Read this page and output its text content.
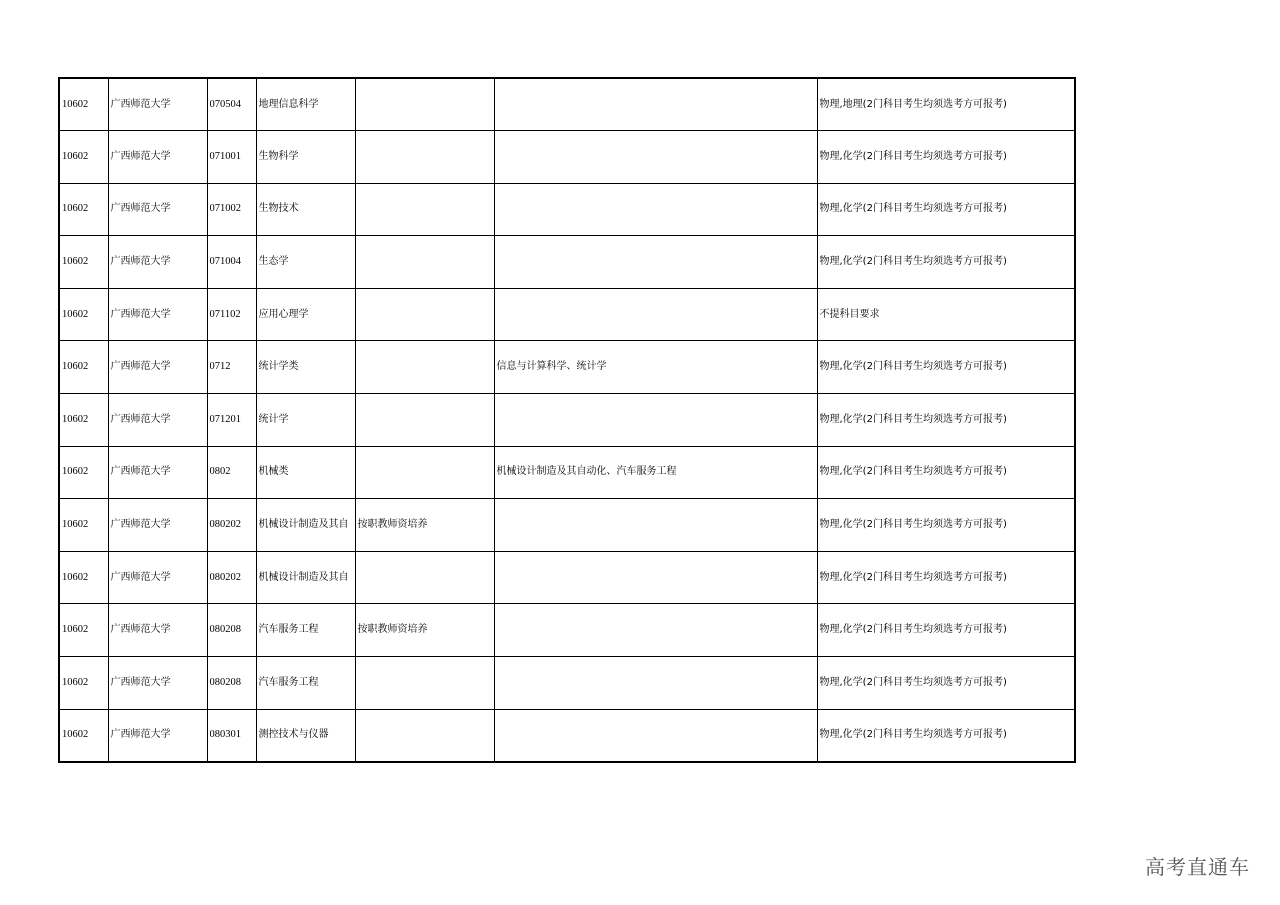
10602	广西师范大学	070504	地理信息科学			物理,地理(2门科目考生均须选考方可报考)
10602	广西师范大学	071001	生物科学			物理,化学(2门科目考生均须选考方可报考)
10602	广西师范大学	071002	生物技术			物理,化学(2门科目考生均须选考方可报考)
10602	广西师范大学	071004	生态学			物理,化学(2门科目考生均须选考方可报考)
10602	广西师范大学	071102	应用心理学			不提科目要求
10602	广西师范大学	0712	统计学类		信息与计算科学、统计学	物理,化学(2门科目考生均须选考方可报考)
10602	广西师范大学	071201	统计学			物理,化学(2门科目考生均须选考方可报考)
10602	广西师范大学	0802	机械类		机械设计制造及其自动化、汽车服务工程	物理,化学(2门科目考生均须选考方可报考)
10602	广西师范大学	080202	机械设计制造及其自	按职教师资培养		物理,化学(2门科目考生均须选考方可报考)
10602	广西师范大学	080202	机械设计制造及其自			物理,化学(2门科目考生均须选考方可报考)
10602	广西师范大学	080208	汽车服务工程	按职教师资培养		物理,化学(2门科目考生均须选考方可报考)
10602	广西师范大学	080208	汽车服务工程			物理,化学(2门科目考生均须选考方可报考)
10602	广西师范大学	080301	测控技术与仪器			物理,化学(2门科目考生均须选考方可报考)
高考直通车
